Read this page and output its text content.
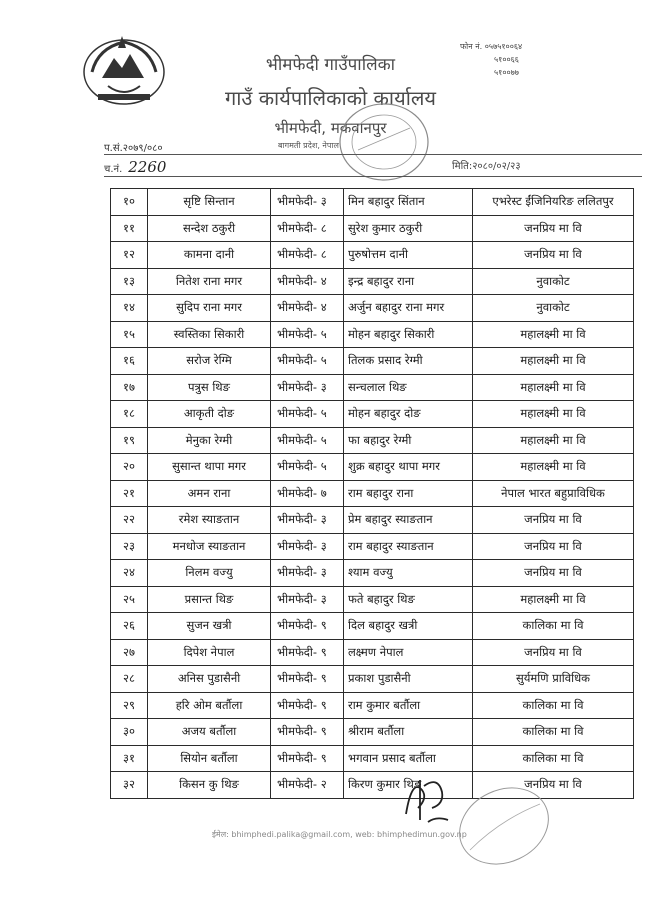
भीमफेदी गाउँपालिका
गाउँ कार्यपालिकाको कार्यालय
भीमफेदी, मकवानपुर
फोन नं. ०५७५१००६४
५१००६६
५१००७७
प.सं.२०७९/०८०	बागमती प्रदेश, नेपाल
च.नं. 2260	मिति:२०८०/०२/२३
१०	सृष्टि सिन्तान	भीमफेदी- ३	मिन बहादुर सिंतान	एभरेस्ट ईंजिनियरिङ ललितपुर
११	सन्देश ठकुरी	भीमफेदी- ८	सुरेश कुमार ठकुरी	जनप्रिय मा वि
१२	कामना दानी	भीमफेदी- ८	पुरुषोत्तम दानी	जनप्रिय मा वि
१३	नितेश राना मगर	भीमफेदी- ४	इन्द्र बहादुर राना	नुवाकोट
१४	सुदिप राना मगर	भीमफेदी- ४	अर्जुन बहादुर राना मगर	नुवाकोट
१५	स्वस्तिका सिकारी	भीमफेदी- ५	मोहन बहादुर सिकारी	महालक्ष्मी मा वि
१६	सरोज रेग्मि	भीमफेदी- ५	तिलक प्रसाद रेग्मी	महालक्ष्मी मा वि
१७	पत्रुस थिङ	भीमफेदी- ३	सन्चलाल थिङ	महालक्ष्मी मा वि
१८	आकृती दोङ	भीमफेदी- ५	मोहन बहादुर दोङ	महालक्ष्मी मा वि
१९	मेनुका रेग्मी	भीमफेदी- ५	फा बहादुर रेग्मी	महालक्ष्मी मा वि
२०	सुसान्त थापा मगर	भीमफेदी- ५	शुक्र बहादुर थापा मगर	महालक्ष्मी मा वि
२१	अमन राना	भीमफेदी- ७	राम बहादुर राना	नेपाल भारत बहुप्राविधिक
२२	रमेश स्याङतान	भीमफेदी- ३	प्रेम बहादुर स्याङतान	जनप्रिय मा वि
२३	मनधोज स्याङतान	भीमफेदी- ३	राम बहादुर स्याङतान	जनप्रिय मा वि
२४	निलम वज्यु	भीमफेदी- ३	श्याम वज्यु	जनप्रिय मा वि
२५	प्रसान्त थिङ	भीमफेदी- ३	फते बहादुर थिङ	महालक्ष्मी मा वि
२६	सुजन खत्री	भीमफेदी- ९	दिल बहादुर खत्री	कालिका मा वि
२७	दिपेश नेपाल	भीमफेदी- ९	लक्ष्मण नेपाल	जनप्रिय मा वि
२८	अनिस पुडासैनी	भीमफेदी- ९	प्रकाश पुडासैनी	सुर्यमणि प्राविधिक
२९	हरि ओम बर्तौला	भीमफेदी- ९	राम कुमार बर्तौला	कालिका मा वि
३०	अजय बर्तौला	भीमफेदी- ९	श्रीराम बर्तौला	कालिका मा वि
३१	सियोन बर्तौला	भीमफेदी- ९	भगवान प्रसाद बर्तौला	कालिका मा वि
३२	किसन कु थिङ	भीमफेदी- २	किरण कुमार थिङ	जनप्रिय मा वि
ईमेल: bhimphedi.palika@gmail.com, web: bhimphedimun.gov.np
